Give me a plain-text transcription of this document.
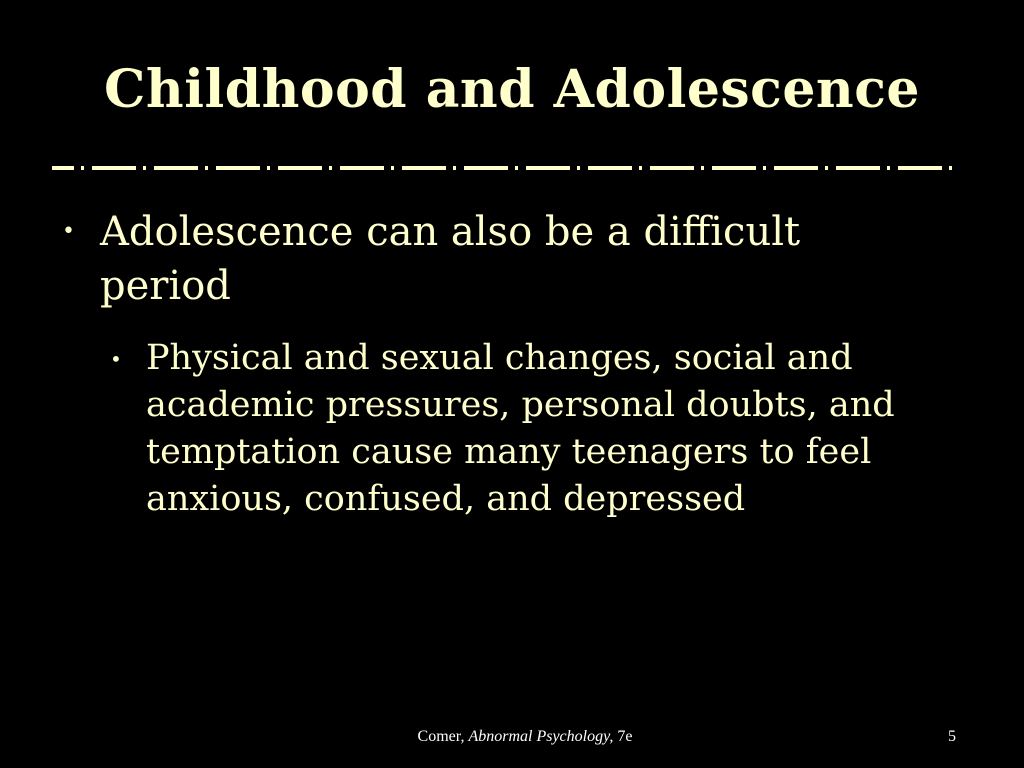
Childhood and Adolescence
• Adolescence can also be a difficult period
• Physical and sexual changes, social and academic pressures, personal doubts, and temptation cause many teenagers to feel anxious, confused, and depressed
Comer, Abnormal Psychology, 7e	5
